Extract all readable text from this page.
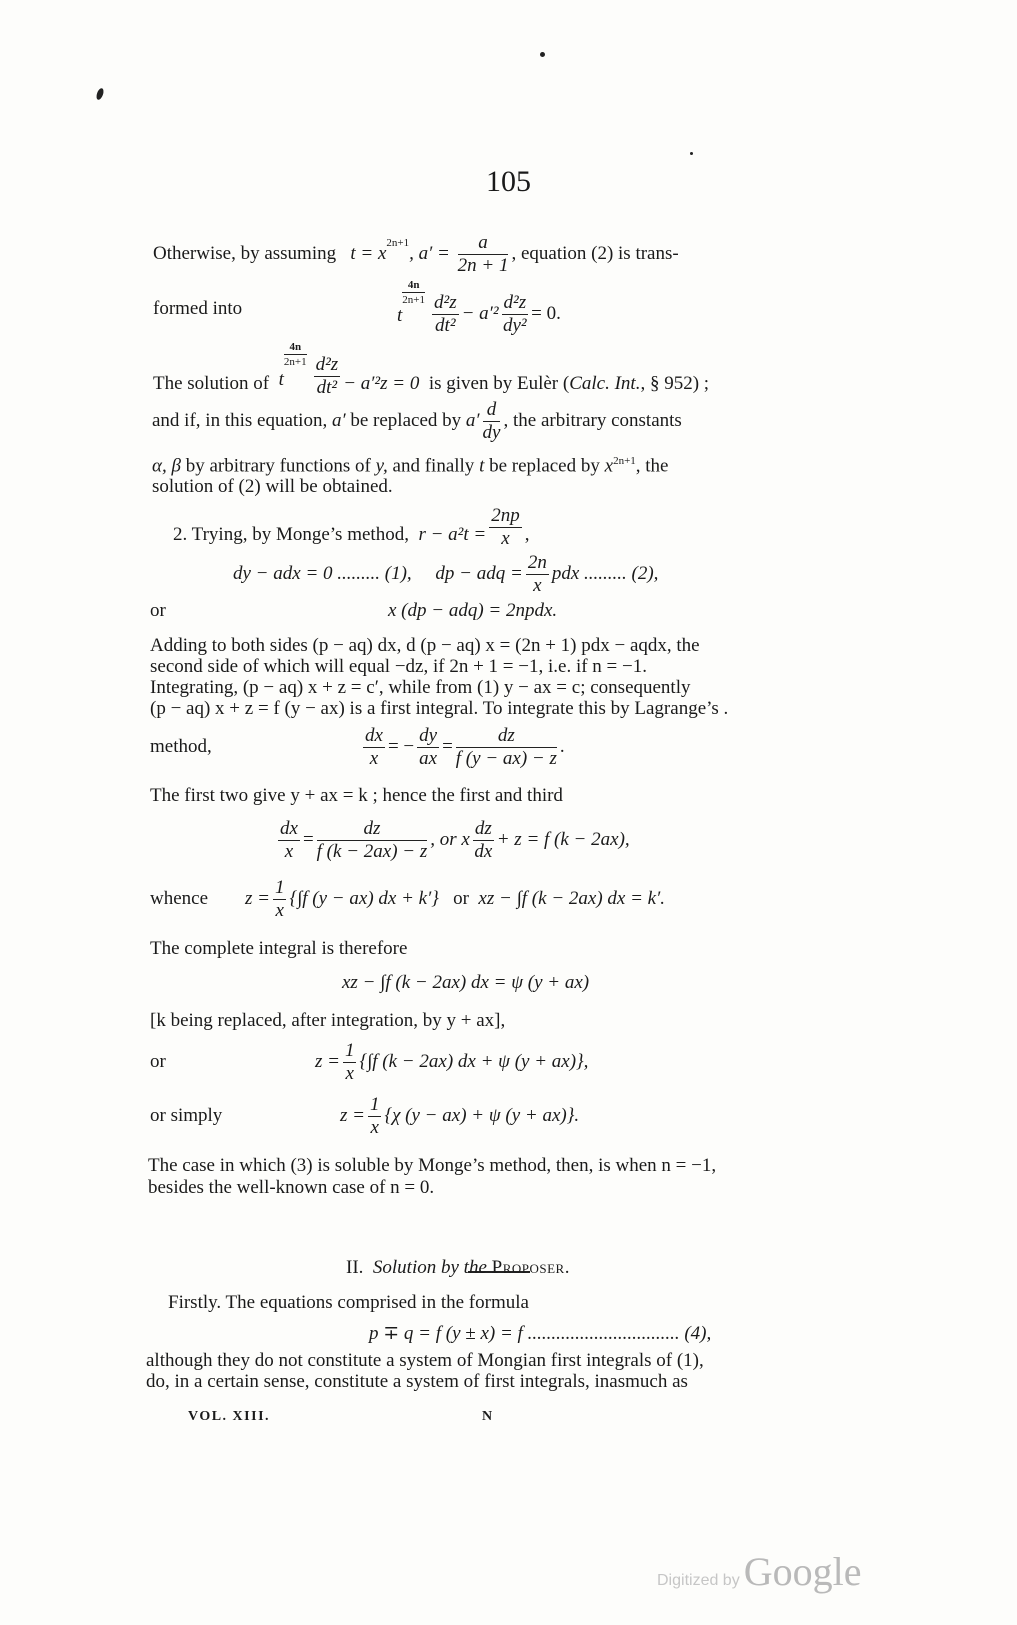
105
Otherwise, by assuming $t = x^{2n+1}$, $a' = \frac{a}{2n + 1}$ , equation (2) is trans-
formed into	t
$\frac{4n}{2n+1} \frac{\text{d²z}}{\text{dt²}} - a'^2 \frac{\text{d²z}}{\text{dy²}} = 0$.
The solution of t
$\frac{4n}{2n+1} \frac{\text{d²z}}{\text{dt²}} - a'^2z = 0$ is given by Eulèr (Calc. Int., § 952) ;
and if, in this equation, a′ be replaced by $a' \frac{d}{dy}$ , the arbitrary constants
α, β by arbitrary functions of y, and finally t be replaced by $x^{2n+1}$, the
solution of (2) will be obtained.
2. Trying, by Monge’s method, $r - a^2t = \frac{2np}{x}$ ,
dy − adx = 0 ......... (1), dp − adq = $\frac{2n}{x}$ pdx ......... (2),
or	x (dp − adq) = 2npdx.
Adding to both sides (p − aq) dx, d (p − aq) x = (2n + 1) pdx − aqdx, the
second side of which will equal −dz, if 2n + 1 = −1, i.e. if n = −1.
Integrating, (p − aq) x + z = c′, while from (1) y − ax = c; consequently
(p − aq) x + z = f (y − ax) is a first integral. To integrate this by Lagrange’s .
method,	$\frac{dx}{x}$ = − $\frac{dy}{ax} = \frac{dz}{f (y - ax) - z}$ .
The first two give y + ax = k ; hence the first and third
$\frac{dx}{x} = \frac{dz}{f (k - 2ax) - z}$ , or x $\frac{dz}{dx} + z = f$ (k − 2ax),
whence $z = \frac{1}{x} \{\int f$ (y − ax) dx + k′} or xz − ∫f (k − 2ax) dx = k′.
The complete integral is therefore
xz − ∫f (k − 2ax) dx = ψ (y + ax)
[k being replaced, after integration, by y + ax],
or	$z = \frac{1}{x} \{\int f$ (k − 2ax) dx + ψ (y + ax)},
or simply	$z = \frac{1}{x} \{\chi$ (y − ax) + ψ (y + ax)}.
The case in which (3) is soluble by Monge’s method, then, is when n = −1,
besides the well-known case of n = 0.
II. Solution by the Proposer.
Firstly. The equations comprised in the formula
p ∓ q = f (y ± x) = f ................................ (4),
although they do not constitute a system of Mongian first integrals of (1),
do, in a certain sense, constitute a system of first integrals, inasmuch as
VOL. XIII.	N
Digitized by Google
